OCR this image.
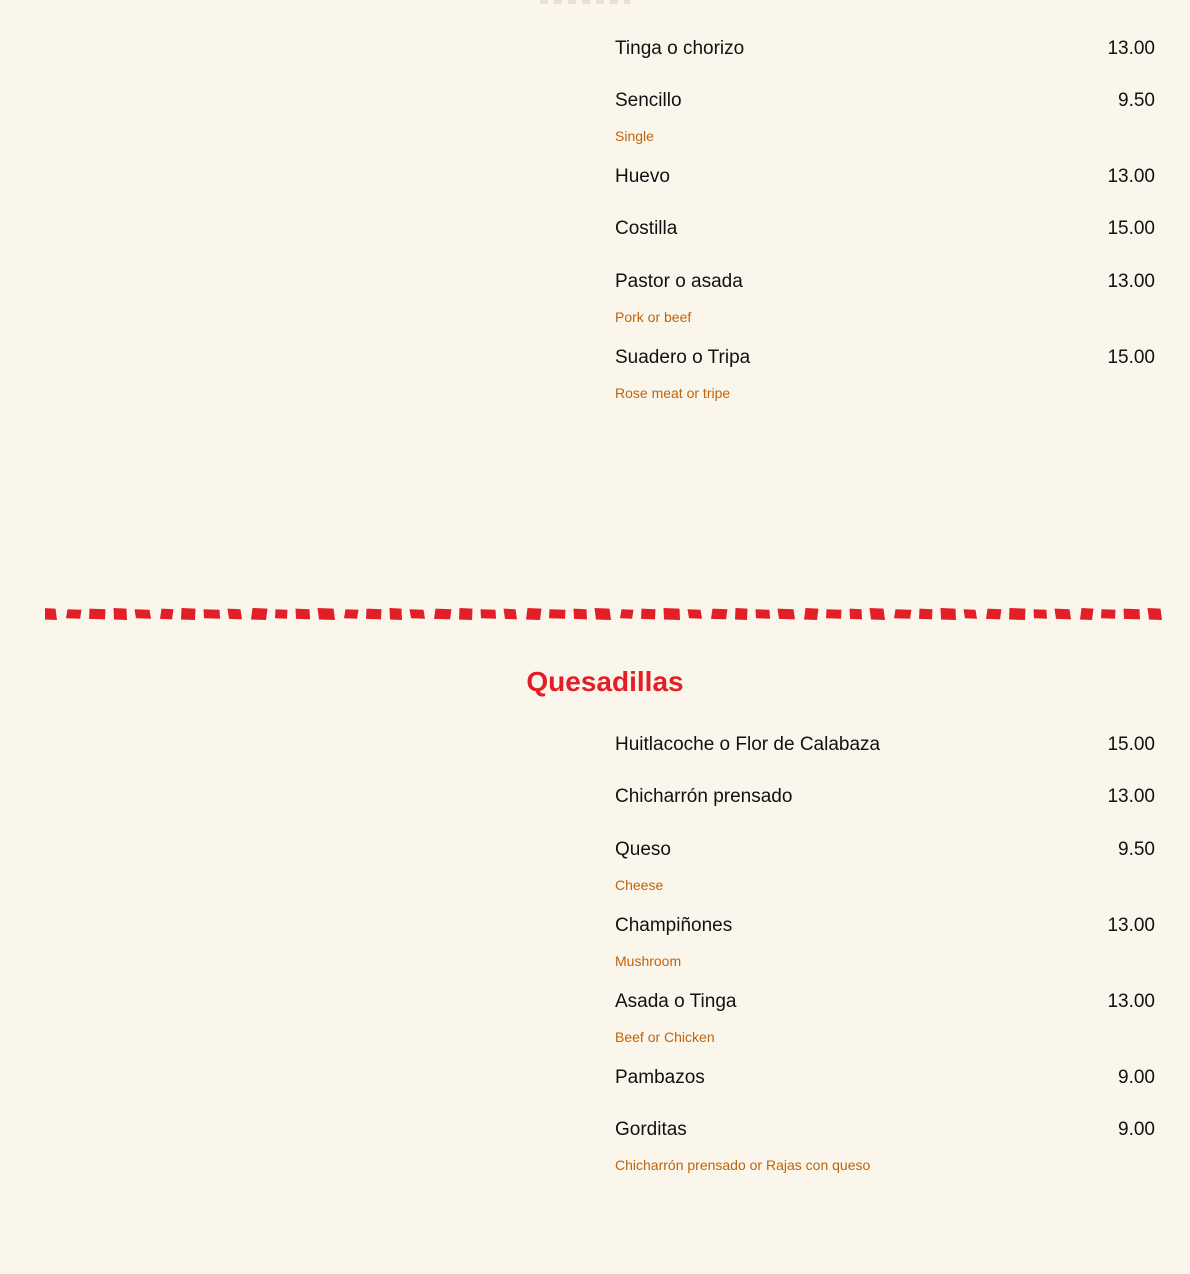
Tinga o chorizo	13.00
Sencillo	9.50
Single
Huevo	13.00
Costilla	15.00
Pastor o asada	13.00
Pork or beef
Suadero o Tripa	15.00
Rose meat or tripe
Quesadillas
Huitlacoche o Flor de Calabaza	15.00
Chicharrón prensado	13.00
Queso	9.50
Cheese
Champiñones	13.00
Mushroom
Asada o Tinga	13.00
Beef or Chicken
Pambazos	9.00
Gorditas	9.00
Chicharrón prensado or Rajas con queso
